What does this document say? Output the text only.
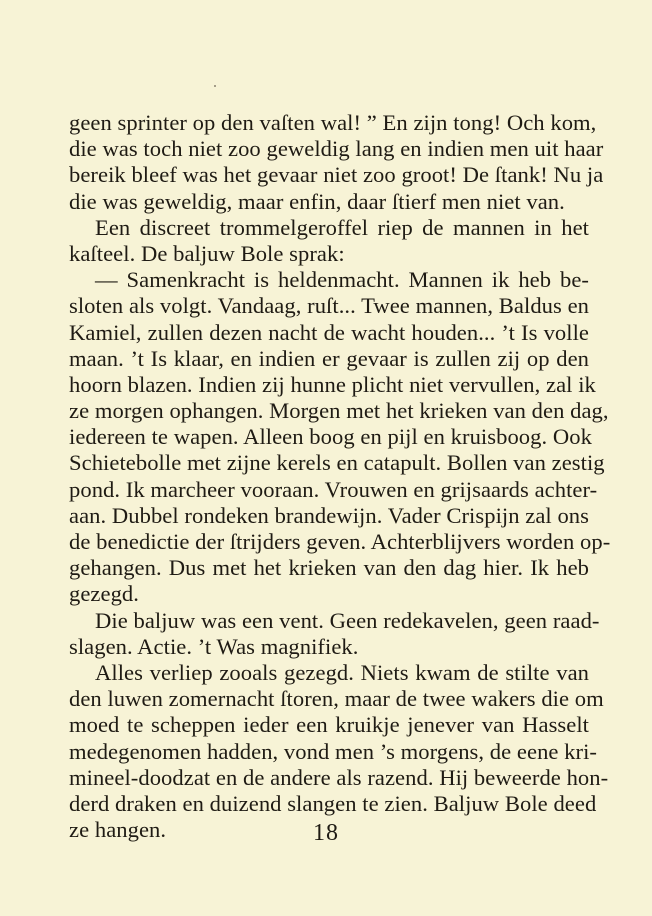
geen sprinter op den vaſten wal! ” En zijn tong! Och kom,
die was toch niet zoo geweldig lang en indien men uit haar
bereik bleef was het gevaar niet zoo groot! De ſtank! Nu ja
die was geweldig, maar enfin, daar ſtierf men niet van.
Een discreet trommelgeroffel riep de mannen in het
kaſteel. De baljuw Bole sprak:
— Samenkracht is heldenmacht. Mannen ik heb be-
sloten als volgt. Vandaag, ruſt... Twee mannen, Baldus en
Kamiel, zullen dezen nacht de wacht houden... ’t Is volle
maan. ’t Is klaar, en indien er gevaar is zullen zij op den
hoorn blazen. Indien zij hunne plicht niet vervullen, zal ik
ze morgen ophangen. Morgen met het krieken van den dag,
iedereen te wapen. Alleen boog en pijl en kruisboog. Ook
Schietebolle met zijne kerels en catapult. Bollen van zestig
pond. Ik marcheer vooraan. Vrouwen en grijsaards achter-
aan. Dubbel rondeken brandewijn. Vader Crispijn zal ons
de benedictie der ſtrijders geven. Achterblijvers worden op-
gehangen. Dus met het krieken van den dag hier. Ik heb
gezegd.
Die baljuw was een vent. Geen redekavelen, geen raad-
slagen. Actie. ’t Was magnifiek.
Alles verliep zooals gezegd. Niets kwam de stilte van
den luwen zomernacht ſtoren, maar de twee wakers die om
moed te scheppen ieder een kruikje jenever van Hasselt
medegenomen hadden, vond men ’s morgens, de eene kri-
mineel-doodzat en de andere als razend. Hij beweerde hon-
derd draken en duizend slangen te zien. Baljuw Bole deed
ze hangen.	18
